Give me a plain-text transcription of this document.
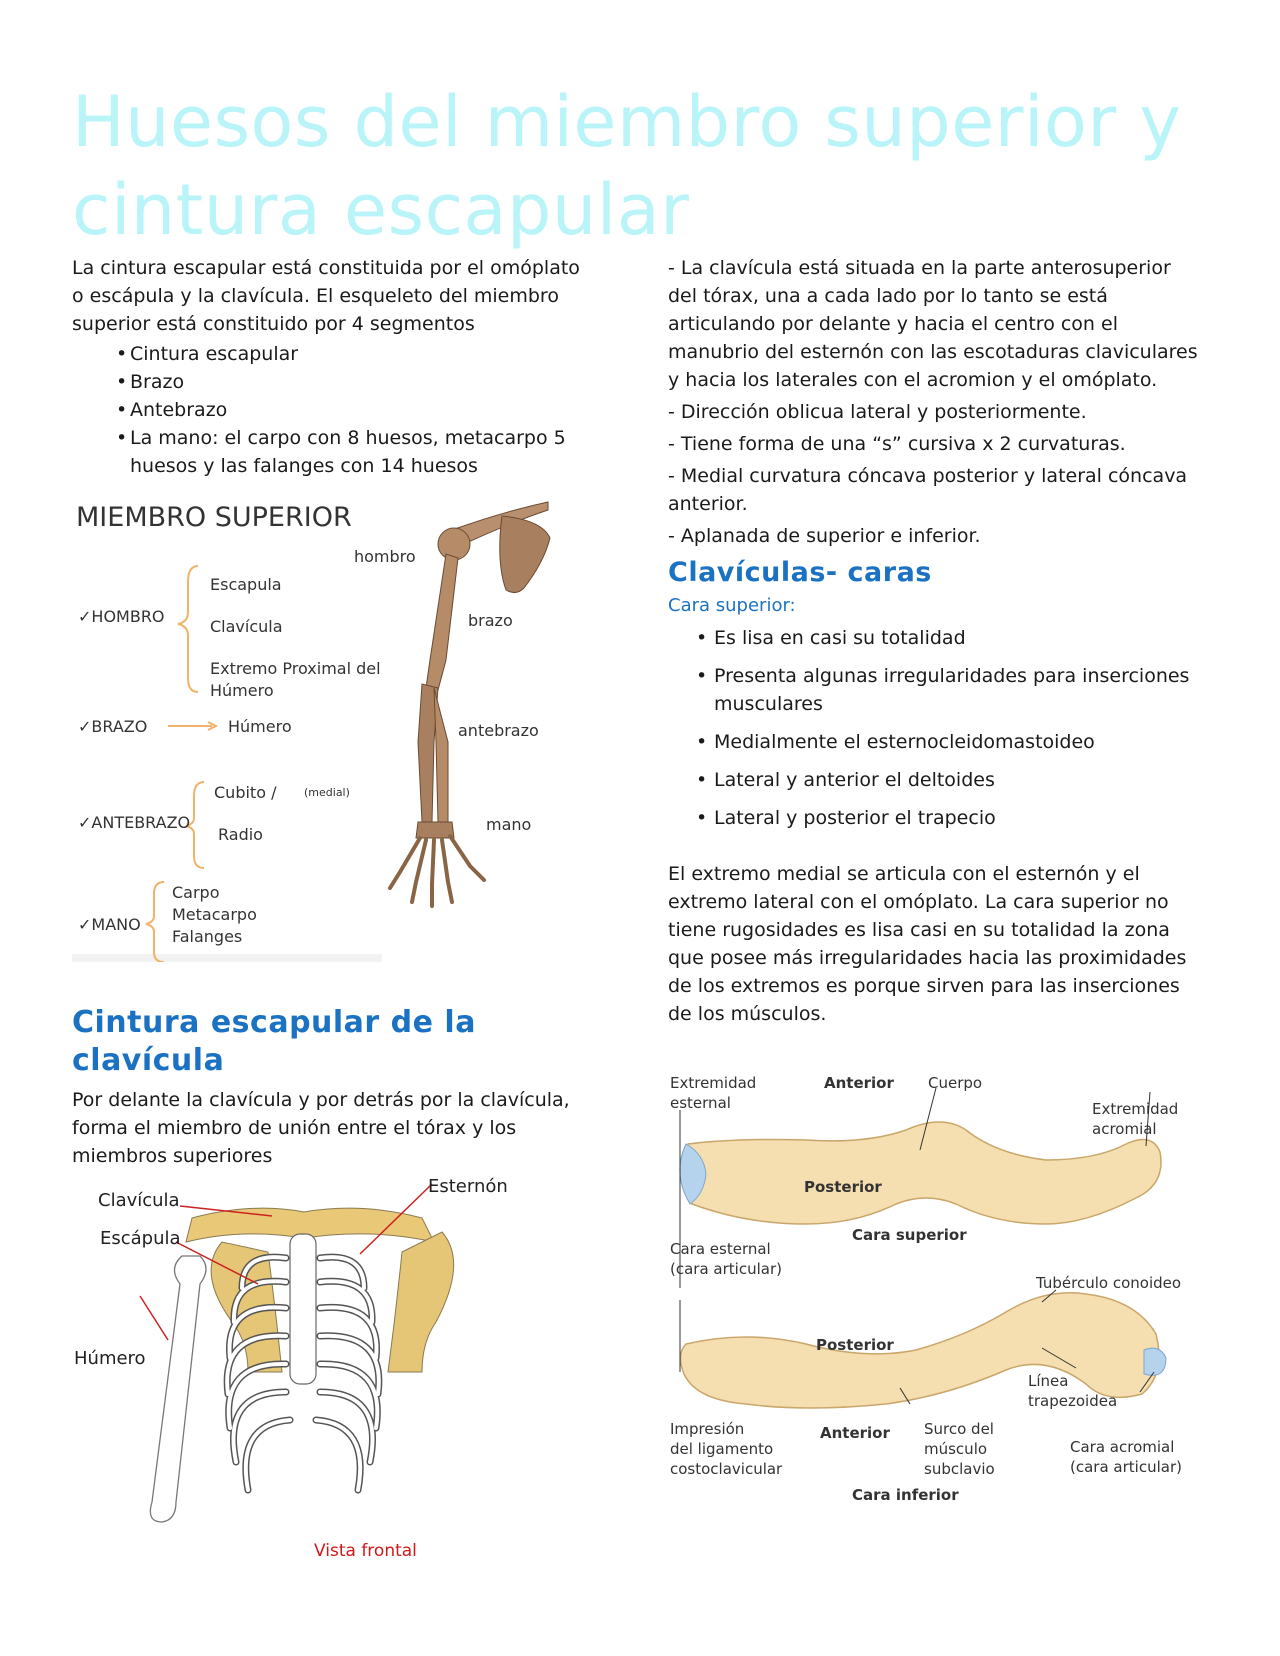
Huesos del miembro superior y cintura escapular

La cintura escapular está constituida por el omóplato o escápula y la clavícula. El esqueleto del miembro superior está constituido por 4 segmentos

• Cintura escapular
• Brazo
• Antebrazo
• La mano: el carpo con 8 huesos, metacarpo 5 huesos y las falanges con 14 huesos
MIEMBRO SUPERIOR
✓HOMBRO
Escapula
Clavícula
Extremo Proximal del
Húmero
✓BRAZO	Húmero
✓ANTEBRAZO
Cubito /	(medial)
Radio
✓MANO
Carpo
Metacarpo
Falanges
hombro
brazo
antebrazo
mano
Cintura escapular de la clavícula

Por delante la clavícula y por detrás por la clavícula, forma el miembro de unión entre el tórax y los miembros superiores

Clavícula
Escápula
Esternón
Húmero
Vista frontal

- La clavícula está situada en la parte anterosuperior del tórax, una a cada lado por lo tanto se está articulando por delante y hacia el centro con el manubrio del esternón con las escotaduras claviculares y hacia los laterales con el acromion y el omóplato.

- Dirección oblicua lateral y posteriormente.

- Tiene forma de una “s” cursiva x 2 curvaturas.

- Medial curvatura cóncava posterior y lateral cóncava anterior.

- Aplanada de superior e inferior.

Clavículas- caras
Cara superior:
• Es lisa en casi su totalidad
• Presenta algunas irregularidades para inserciones musculares
• Medialmente el esternocleidomastoideo
• Lateral y anterior el deltoides
• Lateral y posterior el trapecio

El extremo medial se articula con el esternón y el extremo lateral con el omóplato. La cara superior no tiene rugosidades es lisa casi en su totalidad la zona que posee más irregularidades hacia las proximidades de los extremos es porque sirven para las inserciones de los músculos.

Extremidad
esternal
Anterior Cuerpo
Extremidad
acromial
Posterior
Cara superior
Cara esternal
(cara articular)
Tubérculo conoideo
Posterior
Línea
trapezoidea
Impresión
del ligamento
costoclavicular
Anterior Surco del
músculo
subclavio
Cara acromial
(cara articular)
Cara inferior
